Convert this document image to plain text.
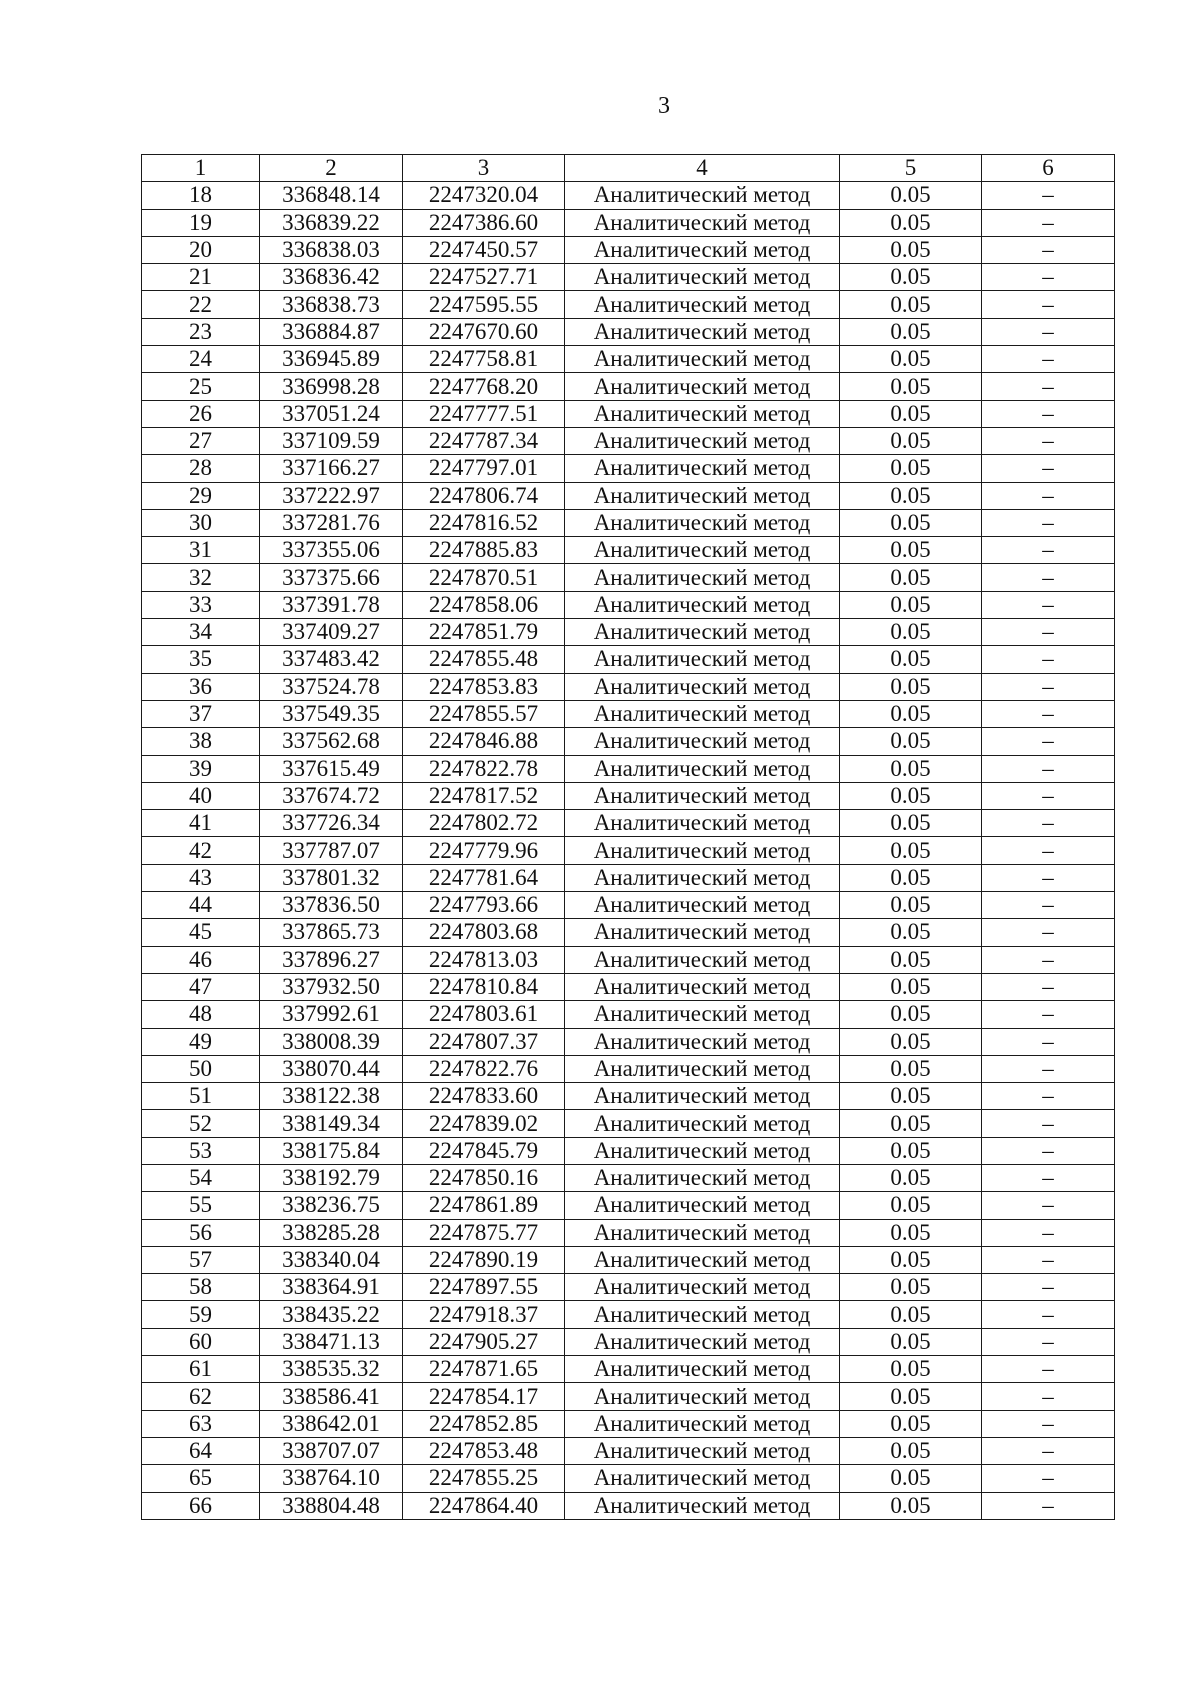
3
1	2	3	4	5	6
18	336848.14	2247320.04	Аналитический метод	0.05	–
19	336839.22	2247386.60	Аналитический метод	0.05	–
20	336838.03	2247450.57	Аналитический метод	0.05	–
21	336836.42	2247527.71	Аналитический метод	0.05	–
22	336838.73	2247595.55	Аналитический метод	0.05	–
23	336884.87	2247670.60	Аналитический метод	0.05	–
24	336945.89	2247758.81	Аналитический метод	0.05	–
25	336998.28	2247768.20	Аналитический метод	0.05	–
26	337051.24	2247777.51	Аналитический метод	0.05	–
27	337109.59	2247787.34	Аналитический метод	0.05	–
28	337166.27	2247797.01	Аналитический метод	0.05	–
29	337222.97	2247806.74	Аналитический метод	0.05	–
30	337281.76	2247816.52	Аналитический метод	0.05	–
31	337355.06	2247885.83	Аналитический метод	0.05	–
32	337375.66	2247870.51	Аналитический метод	0.05	–
33	337391.78	2247858.06	Аналитический метод	0.05	–
34	337409.27	2247851.79	Аналитический метод	0.05	–
35	337483.42	2247855.48	Аналитический метод	0.05	–
36	337524.78	2247853.83	Аналитический метод	0.05	–
37	337549.35	2247855.57	Аналитический метод	0.05	–
38	337562.68	2247846.88	Аналитический метод	0.05	–
39	337615.49	2247822.78	Аналитический метод	0.05	–
40	337674.72	2247817.52	Аналитический метод	0.05	–
41	337726.34	2247802.72	Аналитический метод	0.05	–
42	337787.07	2247779.96	Аналитический метод	0.05	–
43	337801.32	2247781.64	Аналитический метод	0.05	–
44	337836.50	2247793.66	Аналитический метод	0.05	–
45	337865.73	2247803.68	Аналитический метод	0.05	–
46	337896.27	2247813.03	Аналитический метод	0.05	–
47	337932.50	2247810.84	Аналитический метод	0.05	–
48	337992.61	2247803.61	Аналитический метод	0.05	–
49	338008.39	2247807.37	Аналитический метод	0.05	–
50	338070.44	2247822.76	Аналитический метод	0.05	–
51	338122.38	2247833.60	Аналитический метод	0.05	–
52	338149.34	2247839.02	Аналитический метод	0.05	–
53	338175.84	2247845.79	Аналитический метод	0.05	–
54	338192.79	2247850.16	Аналитический метод	0.05	–
55	338236.75	2247861.89	Аналитический метод	0.05	–
56	338285.28	2247875.77	Аналитический метод	0.05	–
57	338340.04	2247890.19	Аналитический метод	0.05	–
58	338364.91	2247897.55	Аналитический метод	0.05	–
59	338435.22	2247918.37	Аналитический метод	0.05	–
60	338471.13	2247905.27	Аналитический метод	0.05	–
61	338535.32	2247871.65	Аналитический метод	0.05	–
62	338586.41	2247854.17	Аналитический метод	0.05	–
63	338642.01	2247852.85	Аналитический метод	0.05	–
64	338707.07	2247853.48	Аналитический метод	0.05	–
65	338764.10	2247855.25	Аналитический метод	0.05	–
66	338804.48	2247864.40	Аналитический метод	0.05	–
